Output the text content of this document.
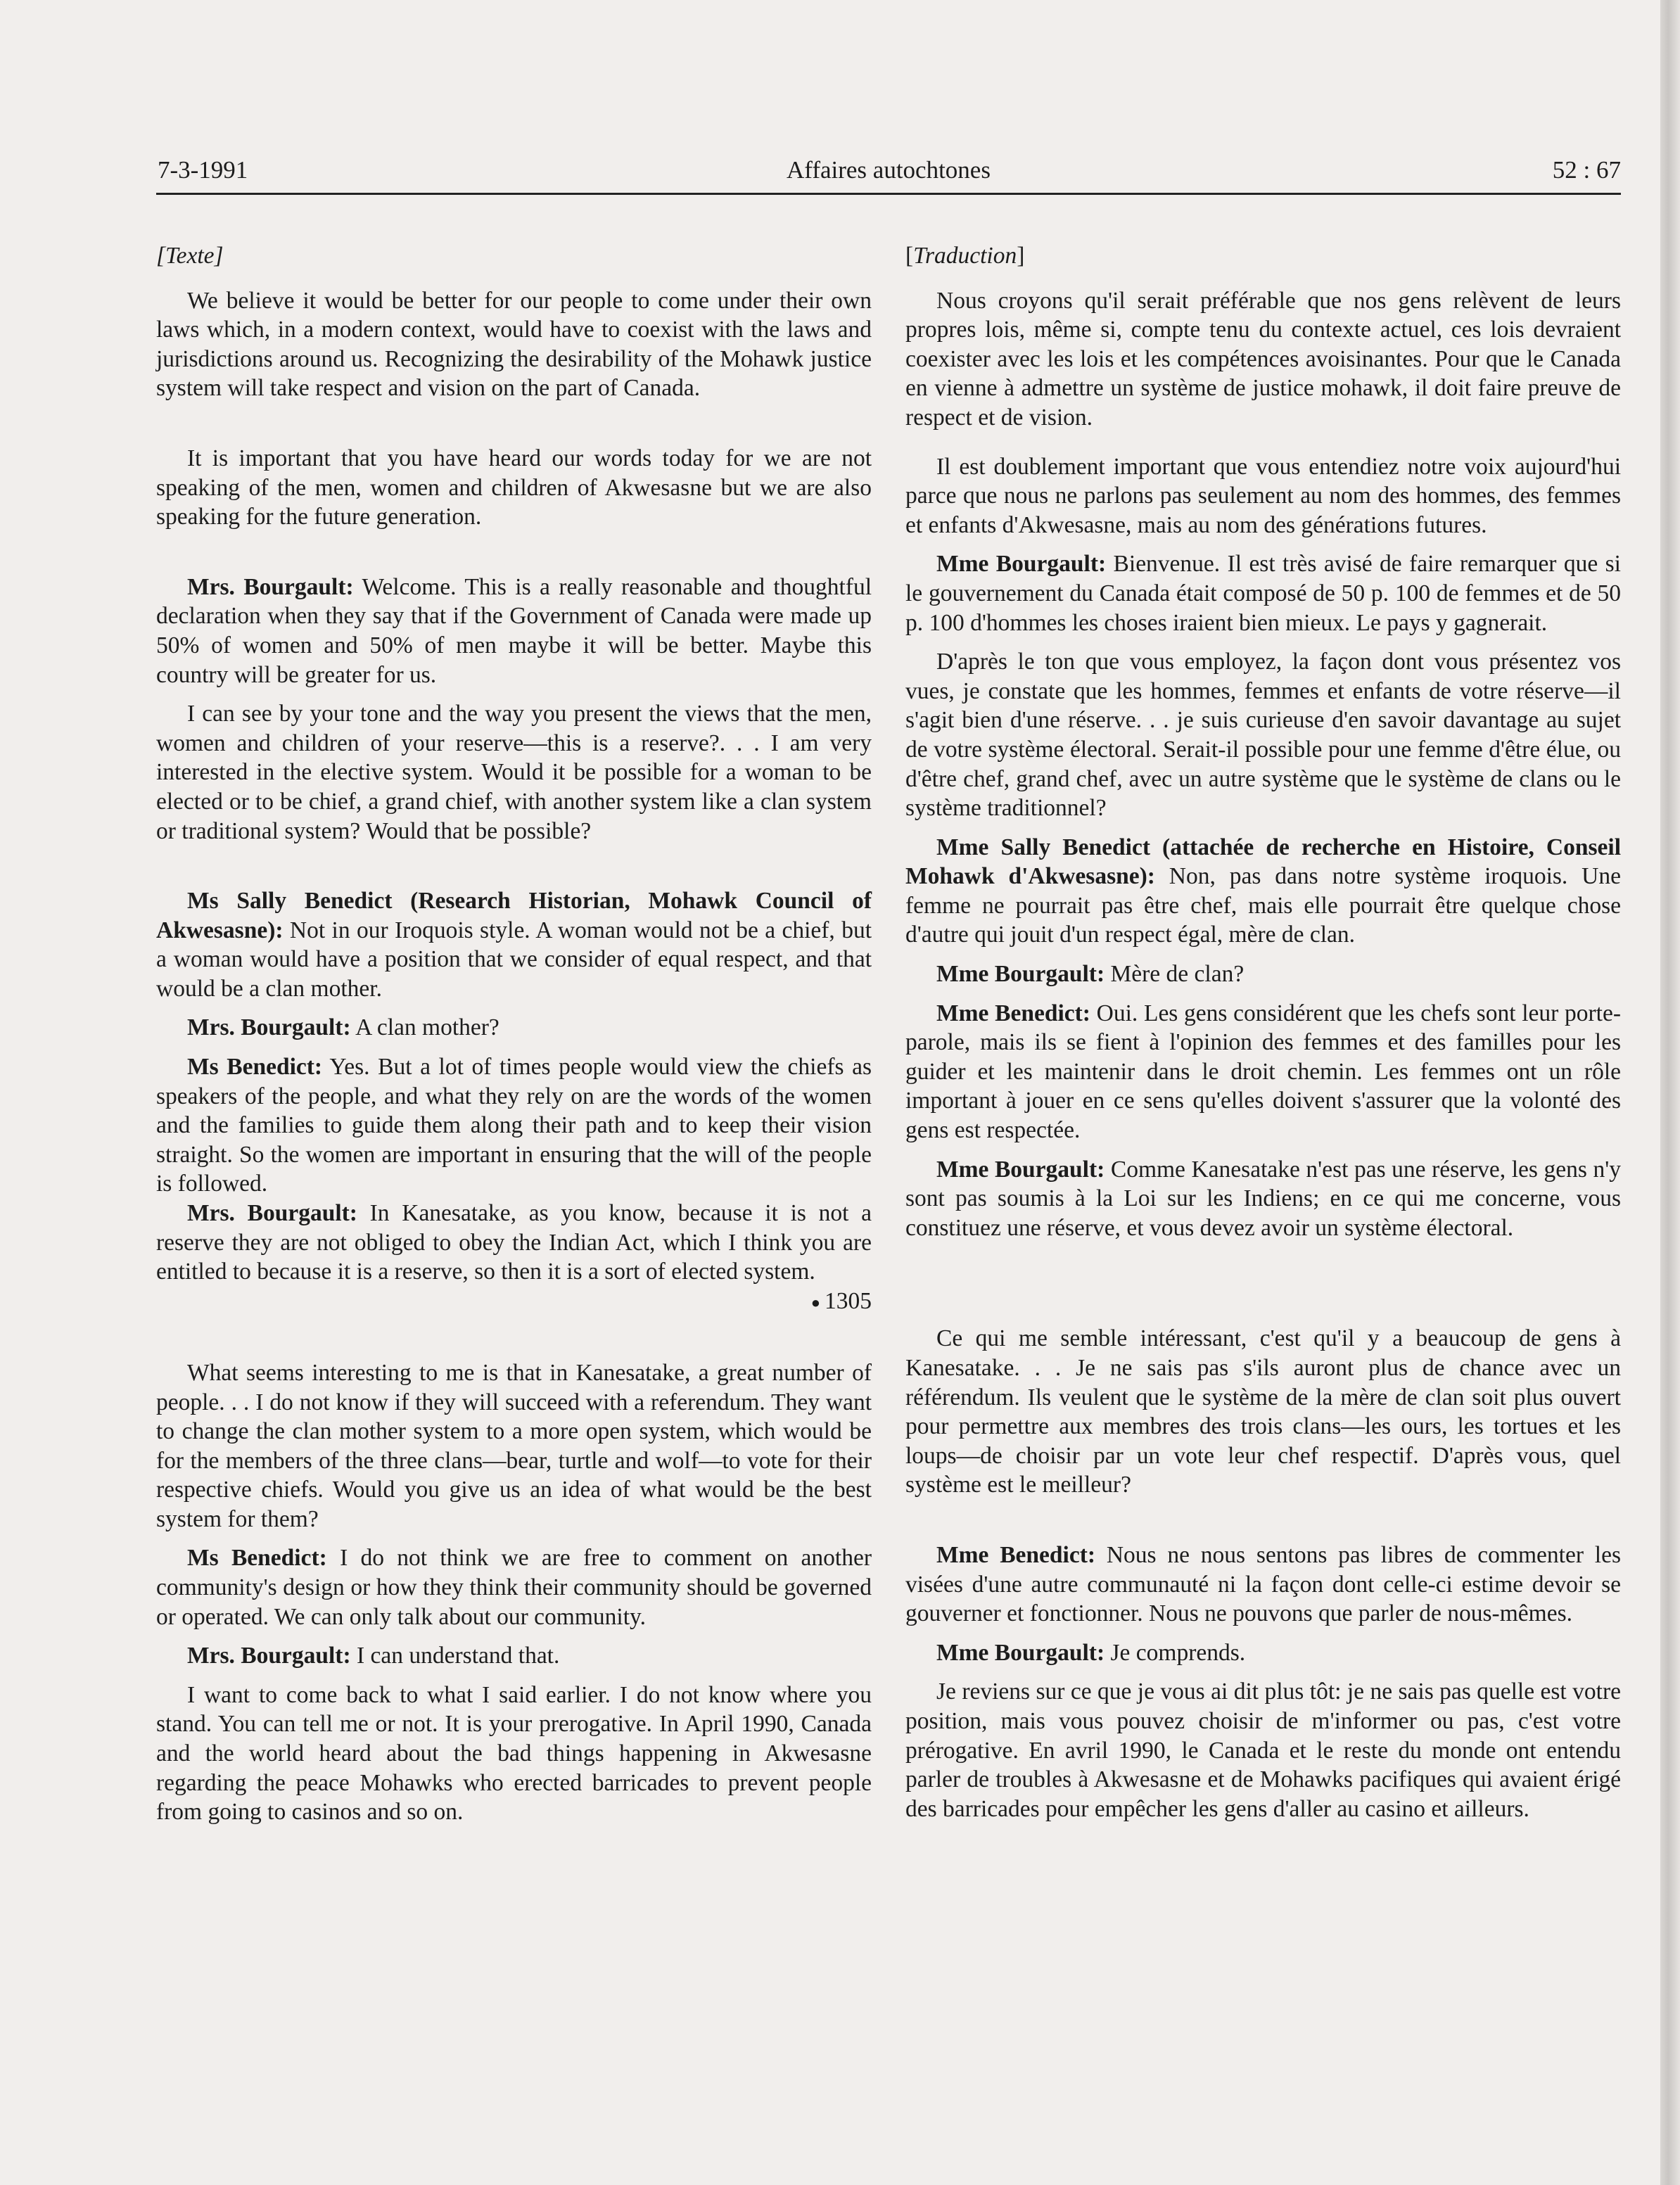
7-3-1991	Affaires autochtones	52 : 67

[Texte]

We believe it would be better for our people to come under their own laws which, in a modern context, would have to coexist with the laws and jurisdictions around us. Recognizing the desirability of the Mohawk justice system will take respect and vision on the part of Canada.

It is important that you have heard our words today for we are not speaking of the men, women and children of Akwesasne but we are also speaking for the future generation.

Mrs. Bourgault: Welcome. This is a really reasonable and thoughtful declaration when they say that if the Government of Canada were made up 50% of women and 50% of men maybe it will be better. Maybe this country will be greater for us.

I can see by your tone and the way you present the views that the men, women and children of your reserve—this is a reserve?. . . I am very interested in the elective system. Would it be possible for a woman to be elected or to be chief, a grand chief, with another system like a clan system or traditional system? Would that be possible?

Ms Sally Benedict (Research Historian, Mohawk Council of Akwesasne): Not in our Iroquois style. A woman would not be a chief, but a woman would have a position that we consider of equal respect, and that would be a clan mother.

Mrs. Bourgault: A clan mother?

Ms Benedict: Yes. But a lot of times people would view the chiefs as speakers of the people, and what they rely on are the words of the women and the families to guide them along their path and to keep their vision straight. So the women are important in ensuring that the will of the people is followed.

Mrs. Bourgault: In Kanesatake, as you know, because it is not a reserve they are not obliged to obey the Indian Act, which I think you are entitled to because it is a reserve, so then it is a sort of elected system.

● 1305

What seems interesting to me is that in Kanesatake, a great number of people. . . I do not know if they will succeed with a referendum. They want to change the clan mother system to a more open system, which would be for the members of the three clans—bear, turtle and wolf—to vote for their respective chiefs. Would you give us an idea of what would be the best system for them?

Ms Benedict: I do not think we are free to comment on another community's design or how they think their community should be governed or operated. We can only talk about our community.

Mrs. Bourgault: I can understand that.

I want to come back to what I said earlier. I do not know where you stand. You can tell me or not. It is your prerogative. In April 1990, Canada and the world heard about the bad things happening in Akwesasne regarding the peace Mohawks who erected barricades to prevent people from going to casinos and so on.

[Traduction]

Nous croyons qu'il serait préférable que nos gens relèvent de leurs propres lois, même si, compte tenu du contexte actuel, ces lois devraient coexister avec les lois et les compétences avoisinantes. Pour que le Canada en vienne à admettre un système de justice mohawk, il doit faire preuve de respect et de vision.

Il est doublement important que vous entendiez notre voix aujourd'hui parce que nous ne parlons pas seulement au nom des hommes, des femmes et enfants d'Akwesasne, mais au nom des générations futures.

Mme Bourgault: Bienvenue. Il est très avisé de faire remarquer que si le gouvernement du Canada était composé de 50 p. 100 de femmes et de 50 p. 100 d'hommes les choses iraient bien mieux. Le pays y gagnerait.

D'après le ton que vous employez, la façon dont vous présentez vos vues, je constate que les hommes, femmes et enfants de votre réserve—il s'agit bien d'une réserve. . . je suis curieuse d'en savoir davantage au sujet de votre système électoral. Serait-il possible pour une femme d'être élue, ou d'être chef, grand chef, avec un autre système que le système de clans ou le système traditionnel?

Mme Sally Benedict (attachée de recherche en Histoire, Conseil Mohawk d'Akwesasne): Non, pas dans notre système iroquois. Une femme ne pourrait pas être chef, mais elle pourrait être quelque chose d'autre qui jouit d'un respect égal, mère de clan.

Mme Bourgault: Mère de clan?

Mme Benedict: Oui. Les gens considérent que les chefs sont leur porte-parole, mais ils se fient à l'opinion des femmes et des familles pour les guider et les maintenir dans le droit chemin. Les femmes ont un rôle important à jouer en ce sens qu'elles doivent s'assurer que la volonté des gens est respectée.

Mme Bourgault: Comme Kanesatake n'est pas une réserve, les gens n'y sont pas soumis à la Loi sur les Indiens; en ce qui me concerne, vous constituez une réserve, et vous devez avoir un système électoral.

Ce qui me semble intéressant, c'est qu'il y a beaucoup de gens à Kanesatake. . . Je ne sais pas s'ils auront plus de chance avec un référendum. Ils veulent que le système de la mère de clan soit plus ouvert pour permettre aux membres des trois clans—les ours, les tortues et les loups—de choisir par un vote leur chef respectif. D'après vous, quel système est le meilleur?

Mme Benedict: Nous ne nous sentons pas libres de commenter les visées d'une autre communauté ni la façon dont celle-ci estime devoir se gouverner et fonctionner. Nous ne pouvons que parler de nous-mêmes.

Mme Bourgault: Je comprends.

Je reviens sur ce que je vous ai dit plus tôt: je ne sais pas quelle est votre position, mais vous pouvez choisir de m'informer ou pas, c'est votre prérogative. En avril 1990, le Canada et le reste du monde ont entendu parler de troubles à Akwesasne et de Mohawks pacifiques qui avaient érigé des barricades pour empêcher les gens d'aller au casino et ailleurs.
